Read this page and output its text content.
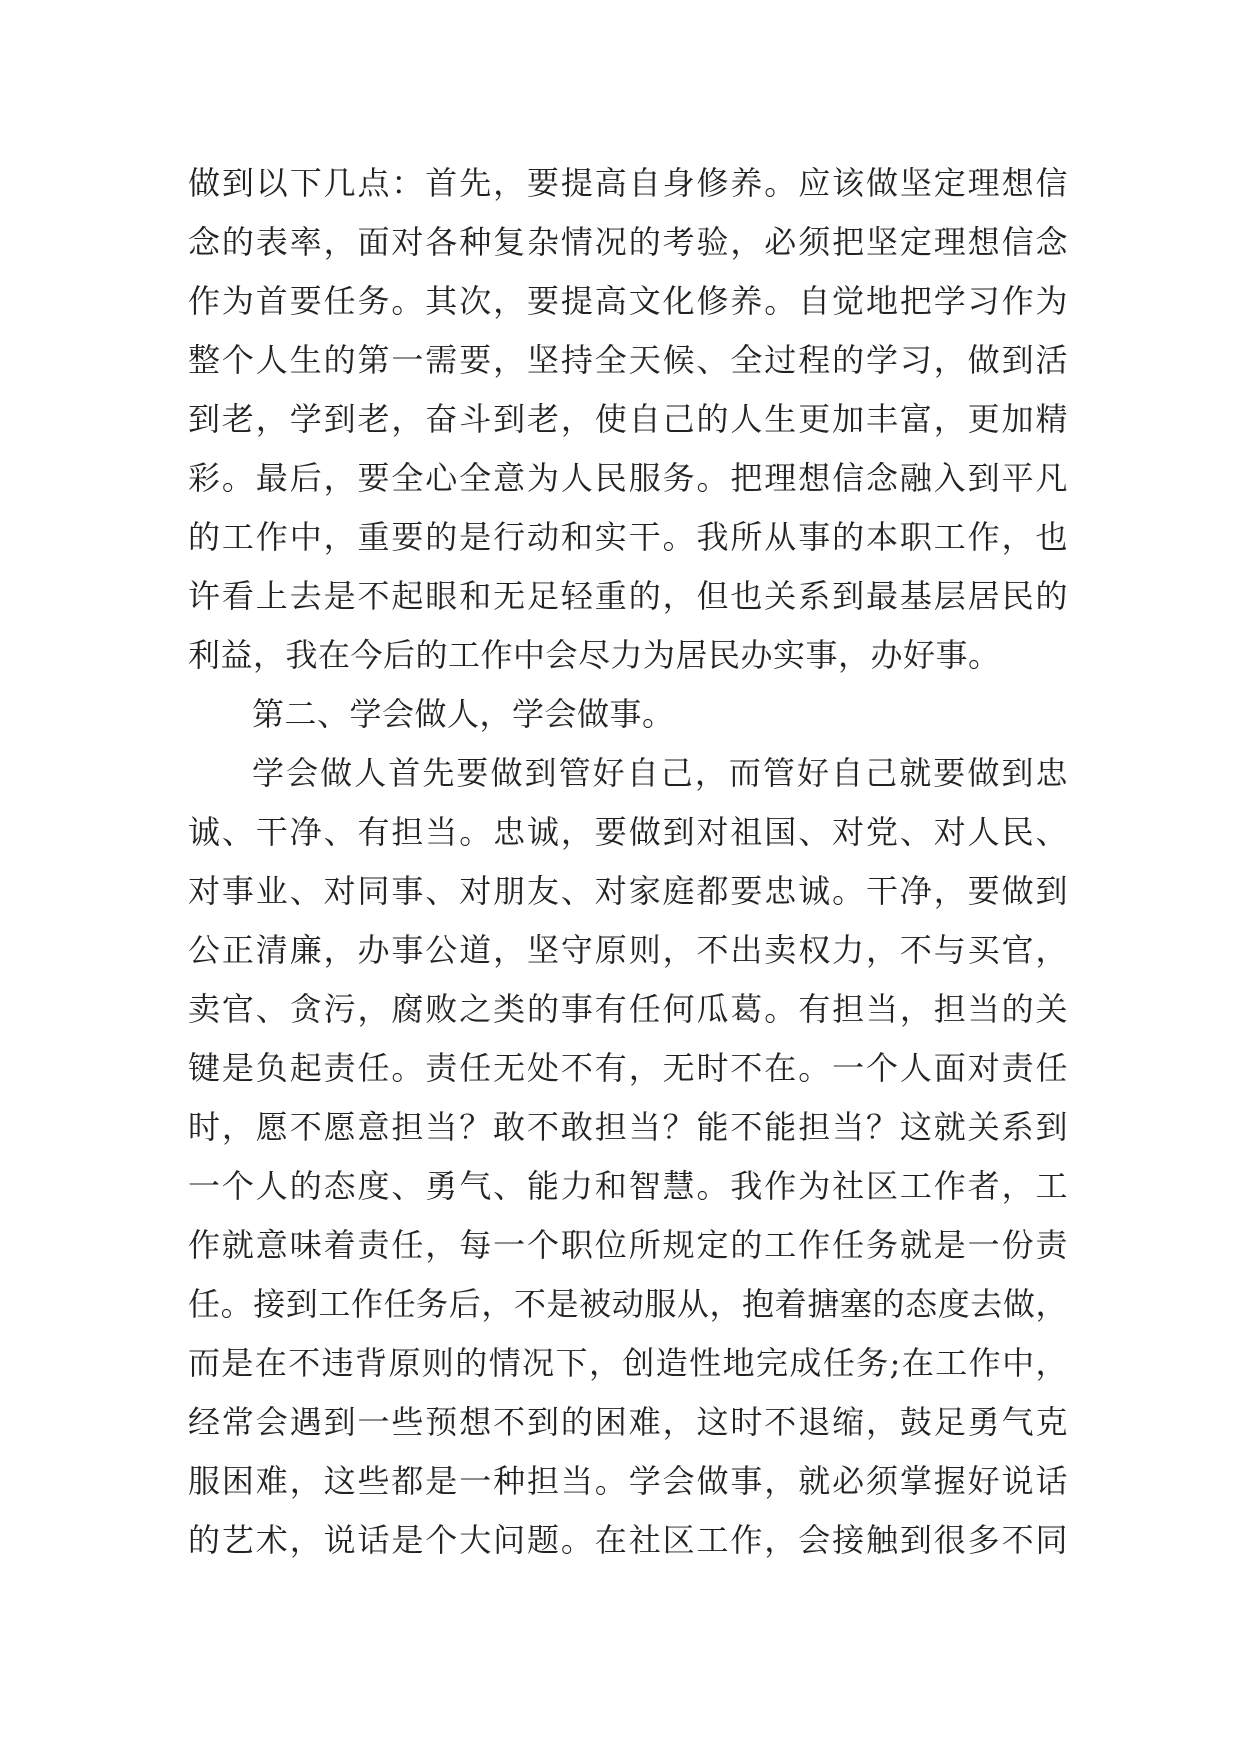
做到以下几点：首先，要提高自身修养。应该做坚定理想信
念的表率，面对各种复杂情况的考验，必须把坚定理想信念
作为首要任务。其次，要提高文化修养。自觉地把学习作为
整个人生的第一需要，坚持全天候、全过程的学习，做到活
到老，学到老，奋斗到老，使自己的人生更加丰富，更加精
彩。最后，要全心全意为人民服务。把理想信念融入到平凡
的工作中，重要的是行动和实干。我所从事的本职工作，也
许看上去是不起眼和无足轻重的，但也关系到最基层居民的
利益，我在今后的工作中会尽力为居民办实事，办好事。
第二、学会做人，学会做事。
学会做人首先要做到管好自己，而管好自己就要做到忠
诚、干净、有担当。忠诚，要做到对祖国、对党、对人民、
对事业、对同事、对朋友、对家庭都要忠诚。干净，要做到
公正清廉，办事公道，坚守原则，不出卖权力，不与买官，
卖官、贪污，腐败之类的事有任何瓜葛。有担当，担当的关
键是负起责任。责任无处不有，无时不在。一个人面对责任
时，愿不愿意担当？敢不敢担当？能不能担当？这就关系到
一个人的态度、勇气、能力和智慧。我作为社区工作者，工
作就意味着责任，每一个职位所规定的工作任务就是一份责
任。接到工作任务后，不是被动服从，抱着搪塞的态度去做，
而是在不违背原则的情况下，创造性地完成任务;在工作中，
经常会遇到一些预想不到的困难，这时不退缩，鼓足勇气克
服困难，这些都是一种担当。学会做事，就必须掌握好说话
的艺术，说话是个大问题。在社区工作，会接触到很多不同
